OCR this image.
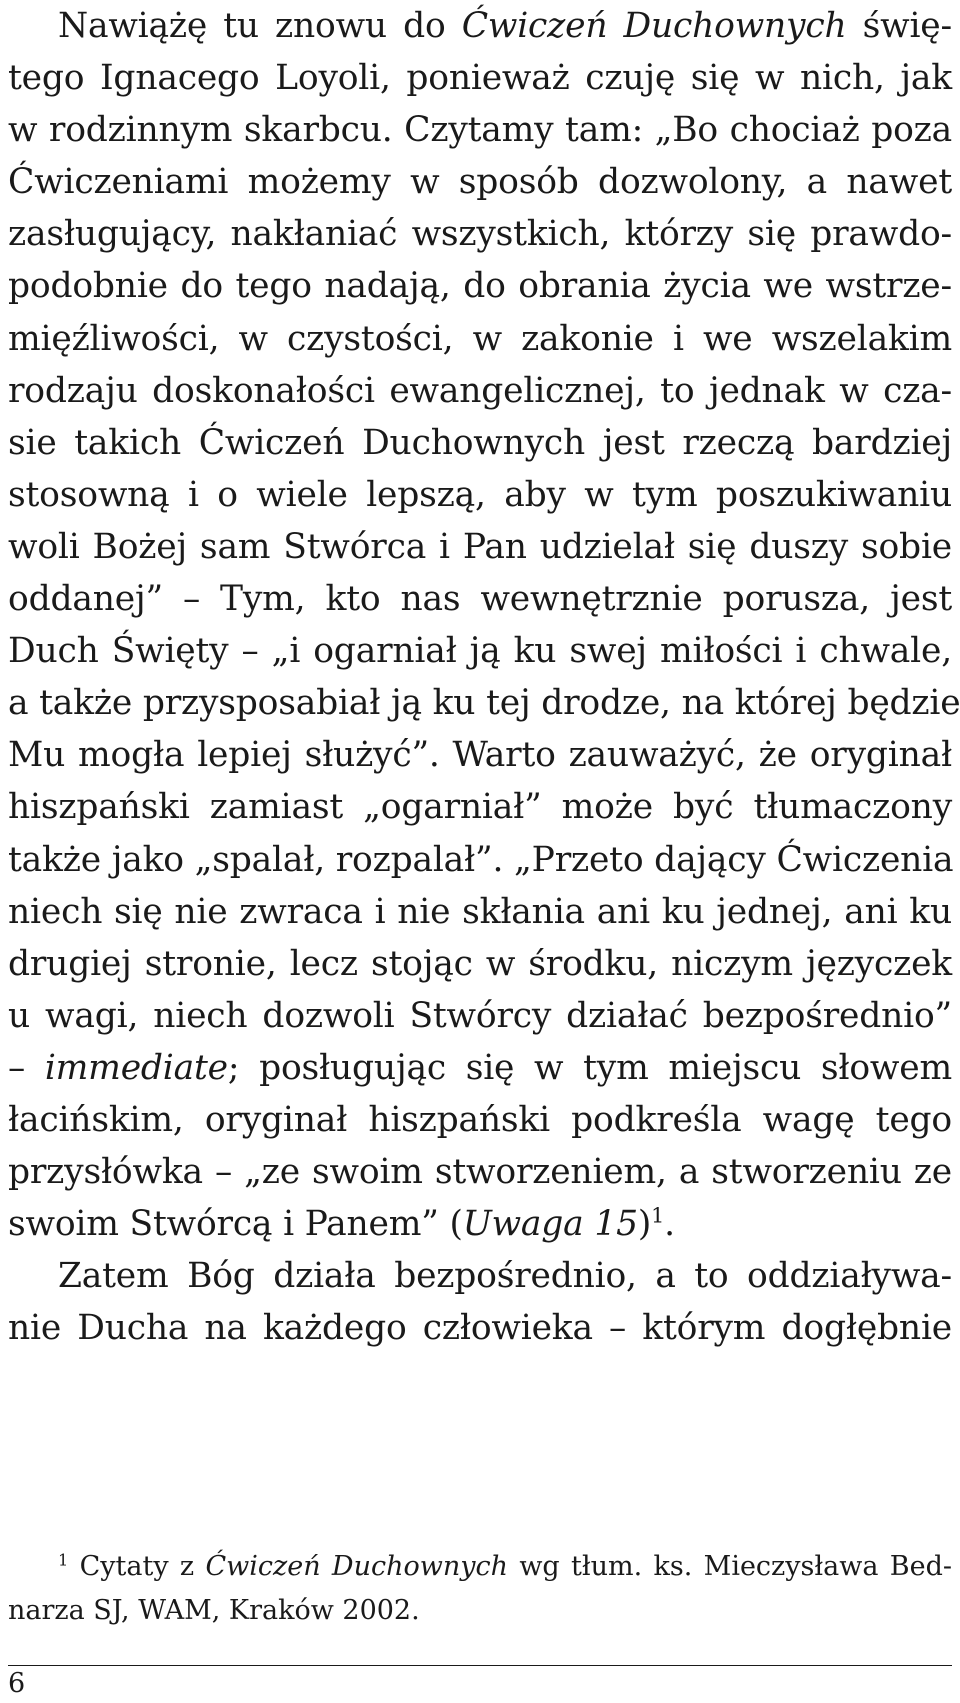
Nawiążę tu znowu do Ćwiczeń Duchownych świę-
tego Ignacego Loyoli, ponieważ czuję się w nich, jak
w rodzinnym skarbcu. Czytamy tam: „Bo chociaż poza
Ćwiczeniami możemy w sposób dozwolony, a nawet
zasługujący, nakłaniać wszystkich, którzy się prawdo-
podobnie do tego nadają, do obrania życia we wstrze-
mięźliwości, w czystości, w zakonie i we wszelakim
rodzaju doskonałości ewangelicznej, to jednak w cza-
sie takich Ćwiczeń Duchownych jest rzeczą bardziej
stosowną i o wiele lepszą, aby w tym poszukiwaniu
woli Bożej sam Stwórca i Pan udzielał się duszy sobie
oddanej” – Tym, kto nas wewnętrznie porusza, jest
Duch Święty – „i ogarniał ją ku swej miłości i chwale,
a także przysposabiał ją ku tej drodze, na której będzie
Mu mogła lepiej służyć”. Warto zauważyć, że oryginał
hiszpański zamiast „ogarniał” może być tłumaczony
także jako „spalał, rozpalał”. „Przeto dający Ćwiczenia
niech się nie zwraca i nie skłania ani ku jednej, ani ku
drugiej stronie, lecz stojąc w środku, niczym języczek
u wagi, niech dozwoli Stwórcy działać bezpośrednio”
– immediate; posługując się w tym miejscu słowem
łacińskim, oryginał hiszpański podkreśla wagę tego
przysłówka – „ze swoim stworzeniem, a stworzeniu ze
swoim Stwórcą i Panem” (Uwaga 15)$^1$.
Zatem Bóg działa bezpośrednio, a to oddziaływa-
nie Ducha na każdego człowieka – którym dogłębnie
$^1$ Cytaty z Ćwiczeń Duchownych wg tłum. ks. Mieczysława Bed-
narza SJ, WAM, Kraków 2002.
6
